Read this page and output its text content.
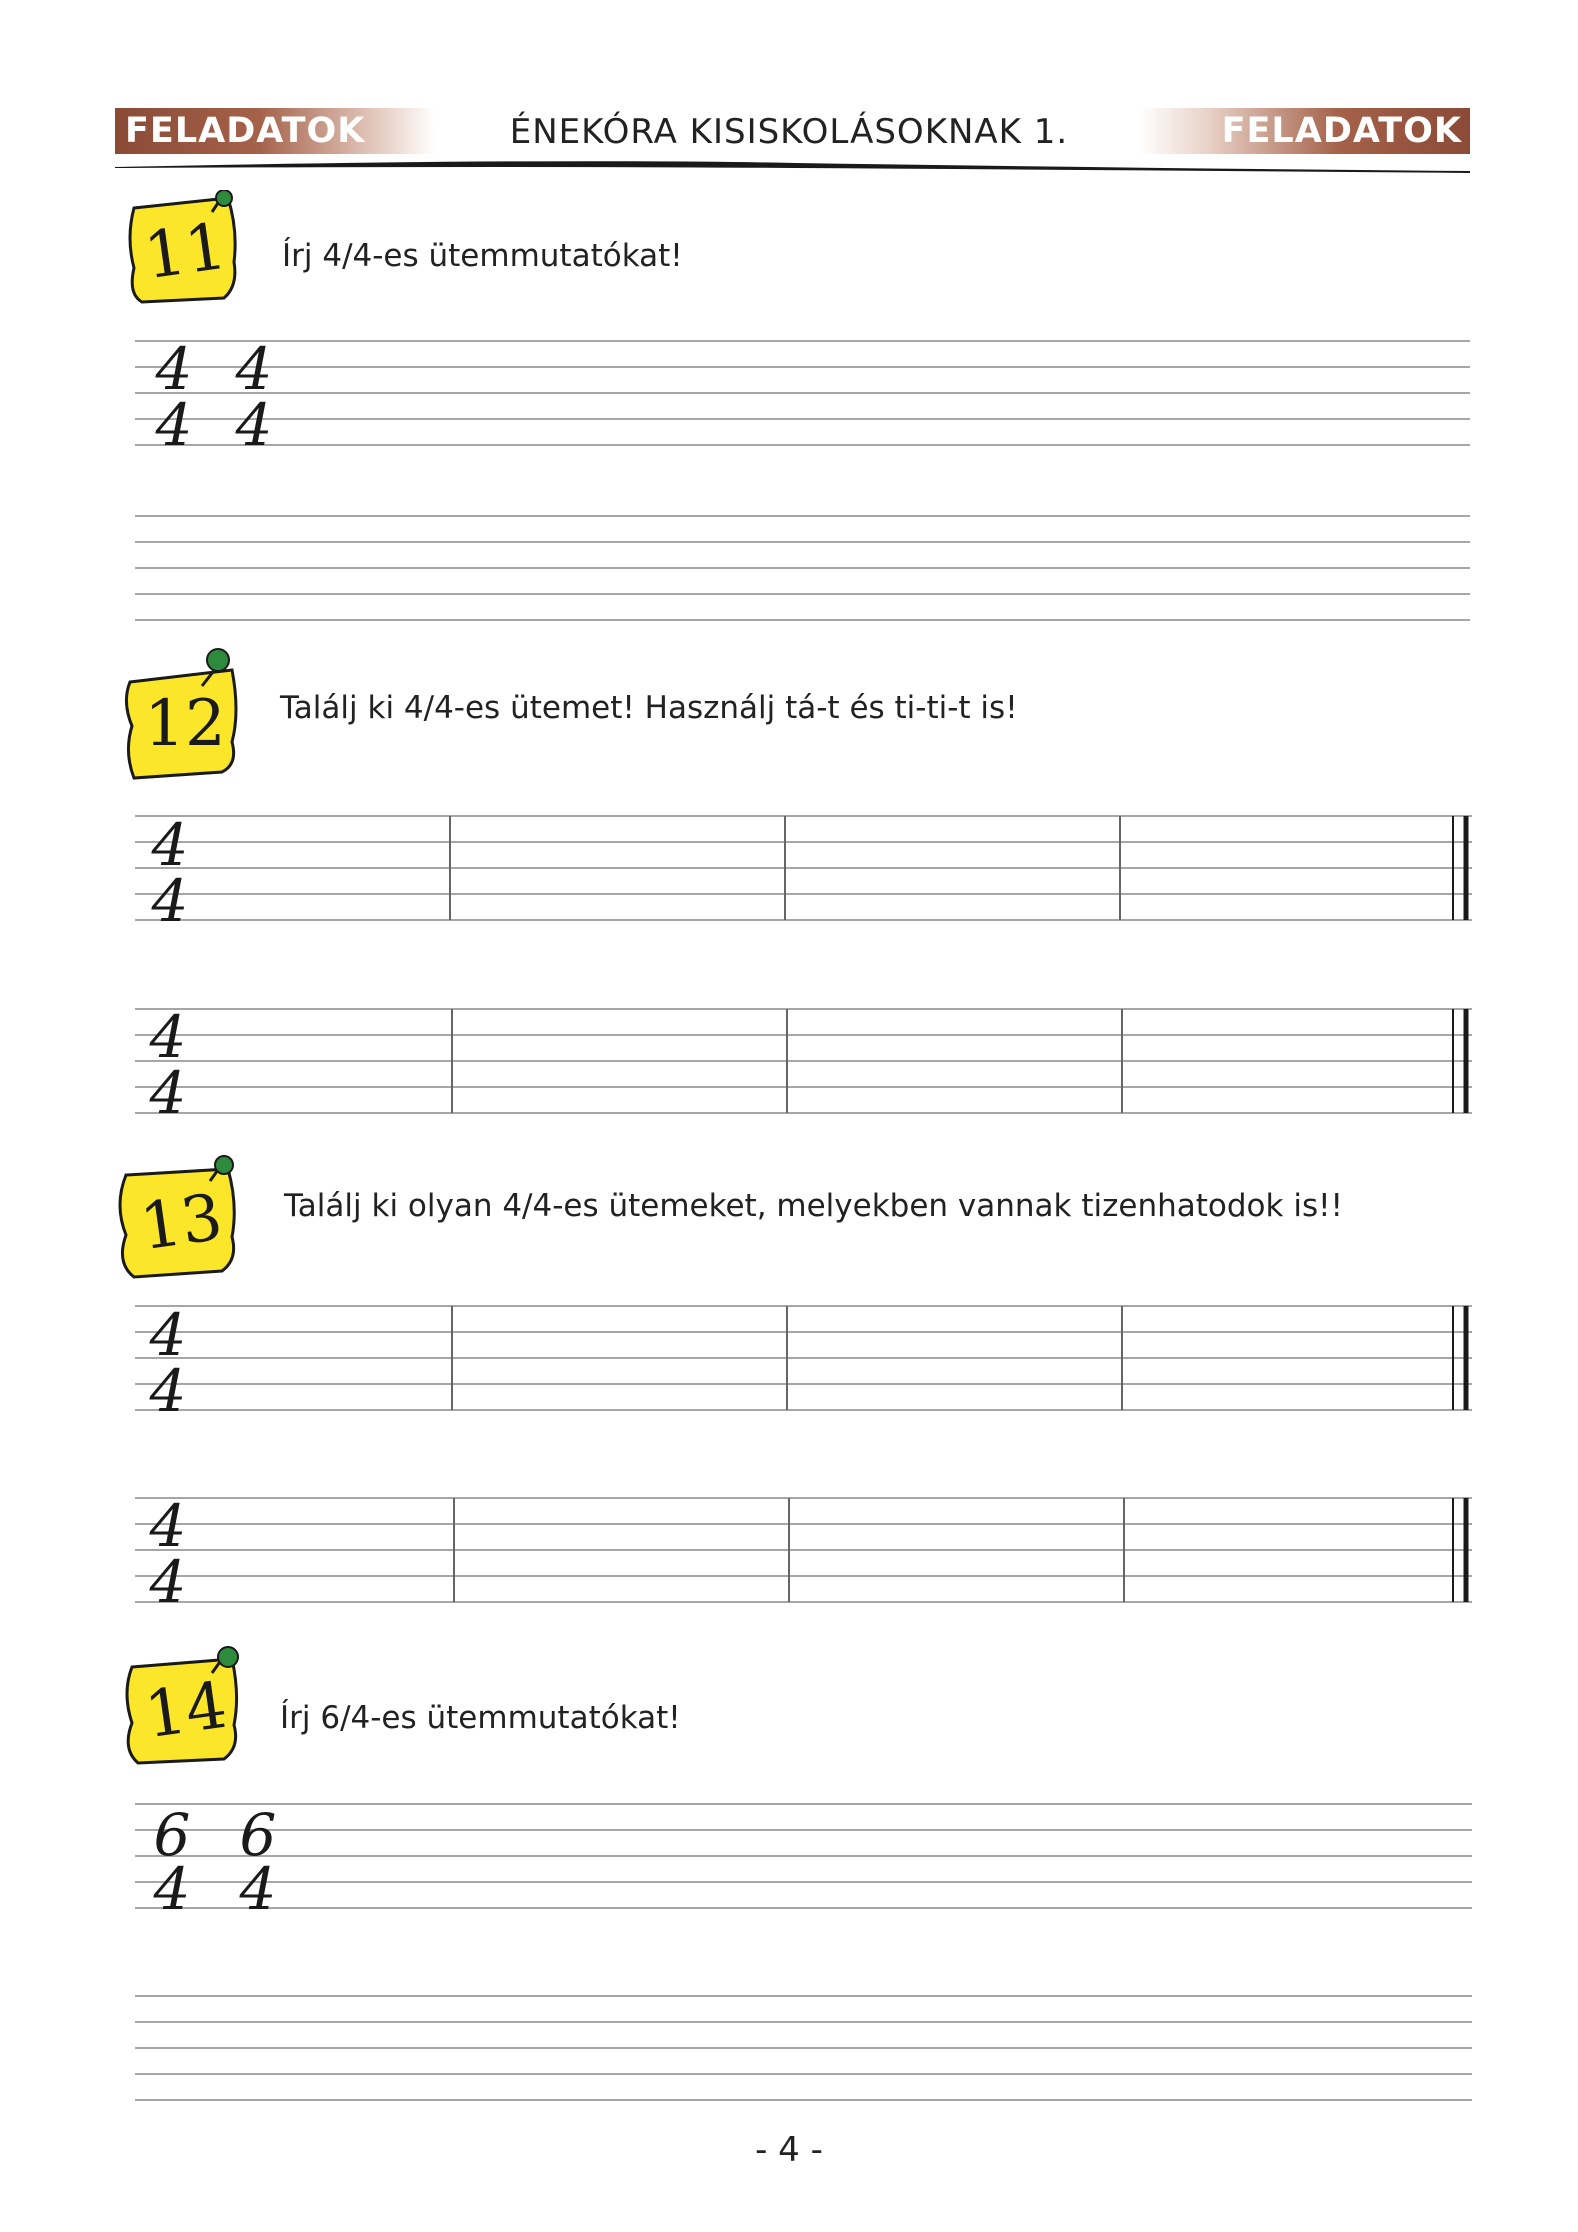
FELADATOK	ÉNEKÓRA KISISKOLÁSOKNAK 1.	FELADATOK
11	Írj 4/4-es ütemmutatókat!
4
4
4
4
12	Találj ki 4/4-es ütemet! Használj tá-t és ti-ti-t is!
4
4
4
4
13	Találj ki olyan 4/4-es ütemeket, melyekben vannak tizenhatodok is!!
4
4
4
4
14	Írj 6/4-es ütemmutatókat!
6
4
6
4
- 4 -
